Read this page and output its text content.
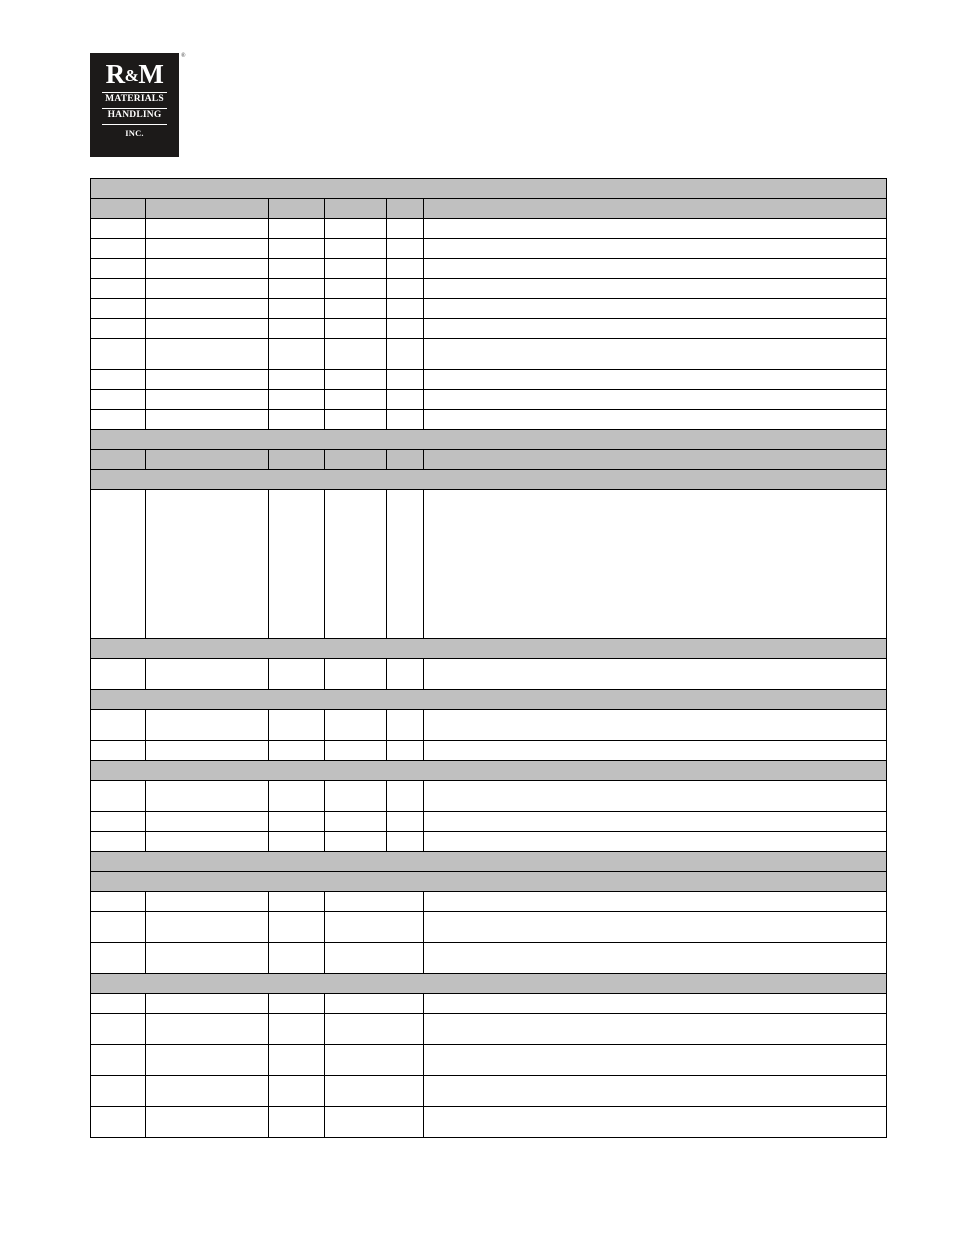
R&M
MATERIALS
HANDLING
INC.
®
